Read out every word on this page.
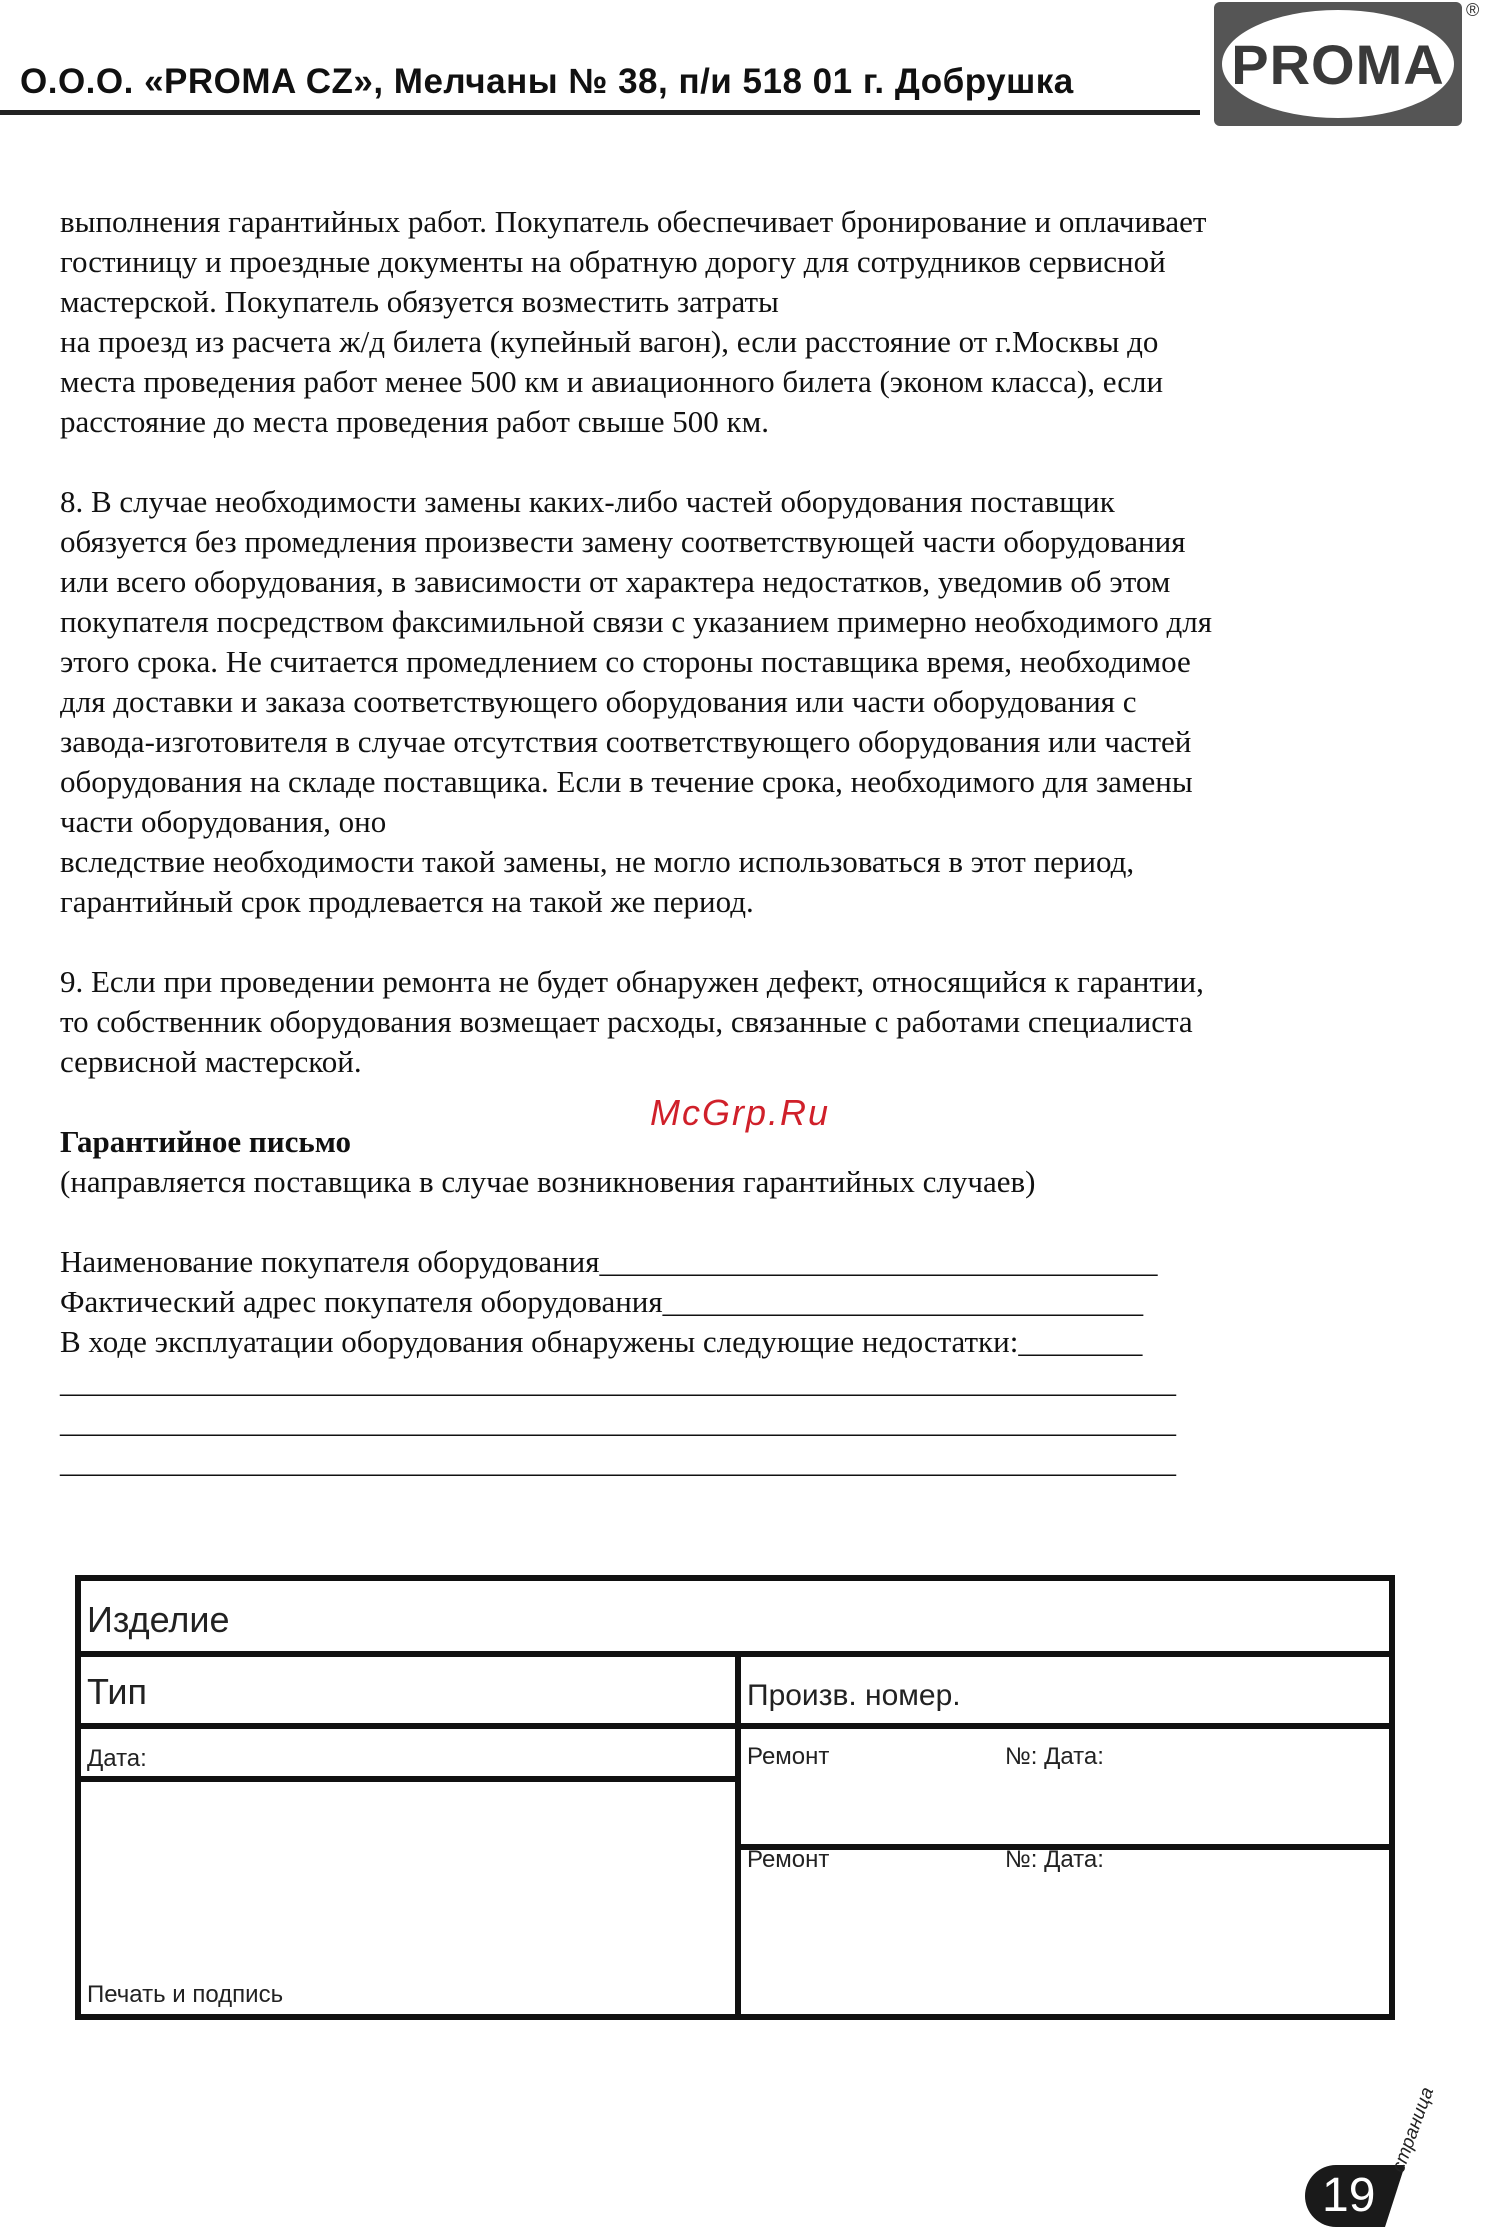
О.О.О. «PROMA CZ», Мелчаны № 38, п/и 518 01 г. Добрушка	PROMA
®

выполнения гарантийных работ. Покупатель обеспечивает бронирование и оплачивает
гостиницу и проездные документы на обратную дорогу для сотрудников сервисной
мастерской. Покупатель обязуется возместить затраты
на проезд из расчета ж/д билета (купейный вагон), если расстояние от г.Москвы до
места проведения работ менее 500 км и авиационного билета (эконом класса), если
расстояние до места проведения работ свыше 500 км.

8. В случае необходимости замены каких-либо частей оборудования поставщик
обязуется без промедления произвести замену соответствующей части оборудования
или всего оборудования, в зависимости от характера недостатков, уведомив об этом
покупателя посредством факсимильной связи с указанием примерно необходимого для
этого срока. Не считается промедлением со стороны поставщика время, необходимое
для доставки и заказа соответствующего оборудования или части оборудования с
завода-изготовителя в случае отсутствия соответствующего оборудования или частей
оборудования на складе поставщика. Если в течение срока, необходимого для замены
части оборудования, оно
вследствие необходимости такой замены, не могло использоваться в этот период,
гарантийный срок продлевается на такой же период.

9. Если при проведении ремонта не будет обнаружен дефект, относящийся к гарантии,
то собственник оборудования возмещает расходы, связанные с работами специалиста
сервисной мастерской.

Гарантийное письмо
(направляется поставщика в случае возникновения гарантийных случаев)

Наименование покупателя оборудования____________________________________
Фактический адрес покупателя оборудования_______________________________
В ходе эксплуатации оборудования обнаружены следующие недостатки:________
________________________________________________________________________
________________________________________________________________________
________________________________________________________________________

McGrp.Ru
Изделие
Тип	Произв. номер.
Дата:	Ремонт	№: Дата:
Ремонт	№: Дата:
Печать и подпись
19
страница
